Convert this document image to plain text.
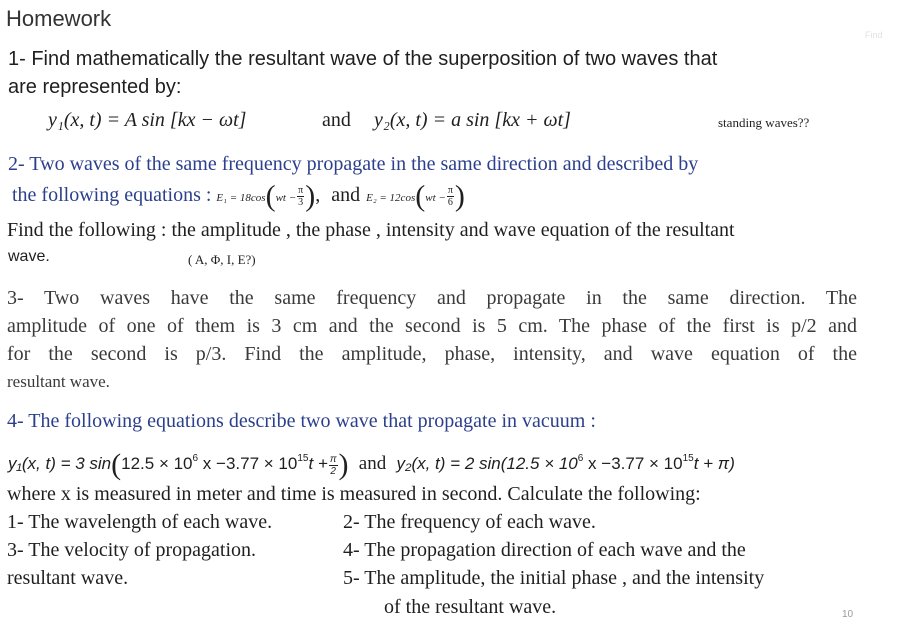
Homework
Find
1- Find mathematically the resultant wave of the superposition of two waves that
are represented by:
y₁(x, t) = A sin [kx − ωt]	and y₂(x, t) = a sin [kx + ωt]	standing waves??
2- Two waves of the same frequency propagate in the same direction and described by
the following equations : $E_1 = 18\cos(wt - \frac{\pi}{3}$ ), and $E_2 = 12\cos(wt - \frac{\pi}{6}$ )
Find the following : the amplitude , the phase , intensity and wave equation of the resultant
wave.	( A, Φ, I, E?)
3- Two waves have the same frequency and propagate in the same direction. The
amplitude of one of them is 3 cm and the second is 5 cm. The phase of the first is p/2 and
for the second is p/3. Find the amplitude, phase, intensity, and wave equation of the
resultant wave.
4- The following equations describe two wave that propagate in vacuum :
y₁(x, t) = 3 $\sin(12.5 \times 10^6$ $x -3.77 \times 10^{15}t + \frac{\pi}{2}$ ) and y₂(x, t) = 2 $\sin(12.5 \times 10^6$ $x -3.77 \times 10^{15}t + \pi$)
where x is measured in meter and time is measured in second. Calculate the following:
1- The wavelength of each wave.	2- The frequency of each wave.
3- The velocity of propagation.	4- The propagation direction of each wave and the
resultant wave.	5- The amplitude, the initial phase , and the intensity
of the resultant wave.	10
